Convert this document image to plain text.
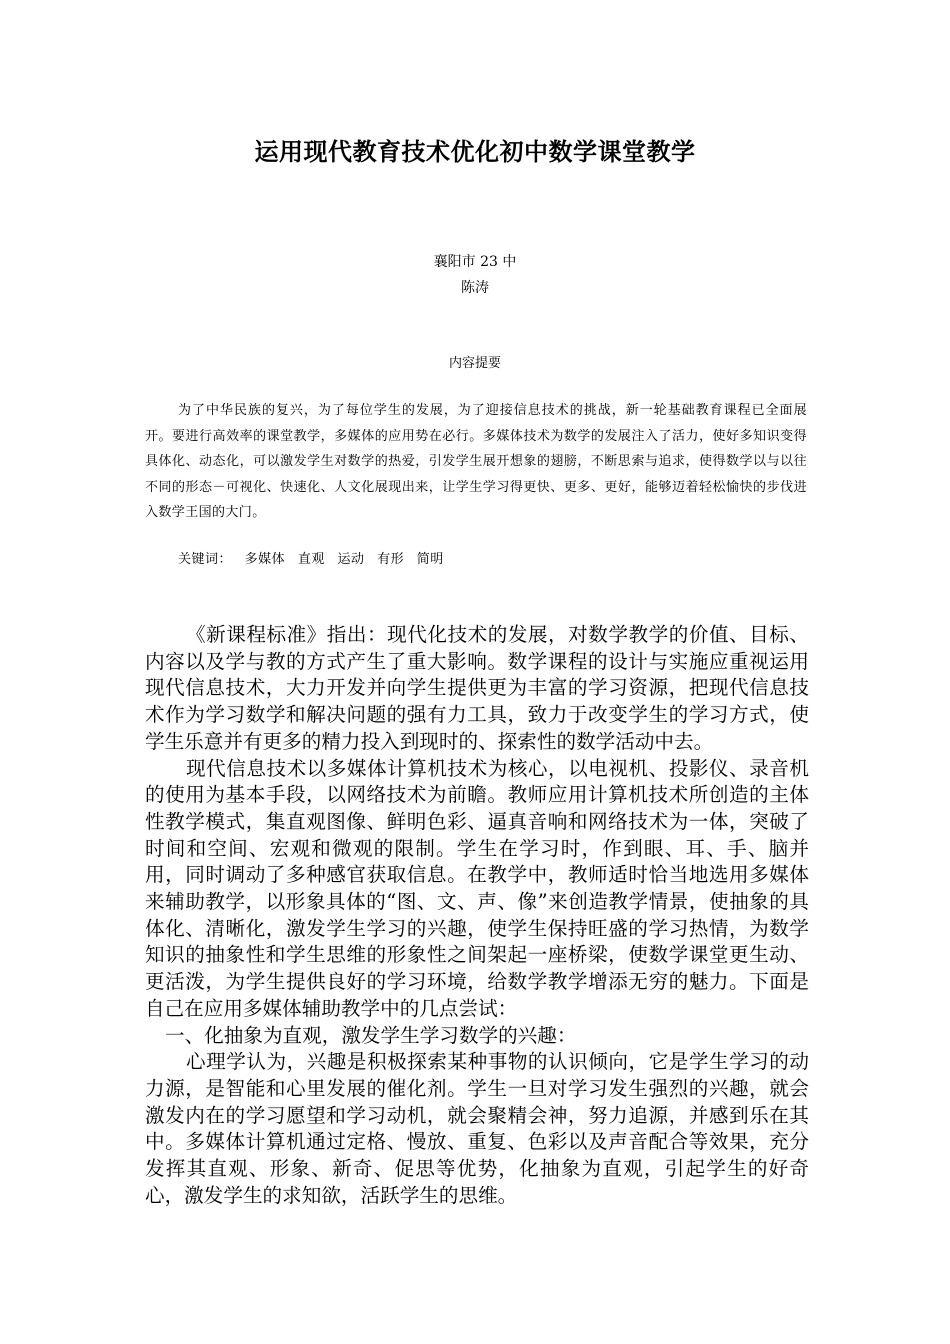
运用现代教育技术优化初中数学课堂教学
襄阳市 23 中
陈涛
内容提要

为了中华民族的复兴，为了每位学生的发展，为了迎接信息技术的挑战，新一轮基础教育课程已全面展开。要进行高效率的课堂教学，多媒体的应用势在必行。多媒体技术为数学的发展注入了活力，使好多知识变得具体化、动态化，可以激发学生对数学的热爱，引发学生展开想象的翅膀，不断思索与追求，使得数学以与以往不同的形态－可视化、快速化、人文化展现出来，让学生学习得更快、更多、更好，能够迈着轻松愉快的步伐进入数学王国的大门。

关键词： 多媒体 直观 运动 有形 简明

《新课程标准》指出：现代化技术的发展，对数学教学的价值、目标、内容以及学与教的方式产生了重大影响。数学课程的设计与实施应重视运用现代信息技术，大力开发并向学生提供更为丰富的学习资源，把现代信息技术作为学习数学和解决问题的强有力工具，致力于改变学生的学习方式，使学生乐意并有更多的精力投入到现时的、探索性的数学活动中去。

现代信息技术以多媒体计算机技术为核心，以电视机、投影仪、录音机的使用为基本手段，以网络技术为前瞻。教师应用计算机技术所创造的主体性教学模式，集直观图像、鲜明色彩、逼真音响和网络技术为一体，突破了时间和空间、宏观和微观的限制。学生在学习时，作到眼、耳、手、脑并用，同时调动了多种感官获取信息。在教学中，教师适时恰当地选用多媒体来辅助教学，以形象具体的“图、文、声、像”来创造教学情景，使抽象的具体化、清晰化，激发学生学习的兴趣，使学生保持旺盛的学习热情，为数学知识的抽象性和学生思维的形象性之间架起一座桥梁，使数学课堂更生动、更活泼，为学生提供良好的学习环境，给数学教学增添无穷的魅力。下面是自己在应用多媒体辅助教学中的几点尝试：

一、化抽象为直观，激发学生学习数学的兴趣：

心理学认为，兴趣是积极探索某种事物的认识倾向，它是学生学习的动力源，是智能和心里发展的催化剂。学生一旦对学习发生强烈的兴趣，就会激发内在的学习愿望和学习动机，就会聚精会神，努力追源，并感到乐在其中。多媒体计算机通过定格、慢放、重复、色彩以及声音配合等效果，充分发挥其直观、形象、新奇、促思等优势，化抽象为直观，引起学生的好奇心，激发学生的求知欲，活跃学生的思维。
